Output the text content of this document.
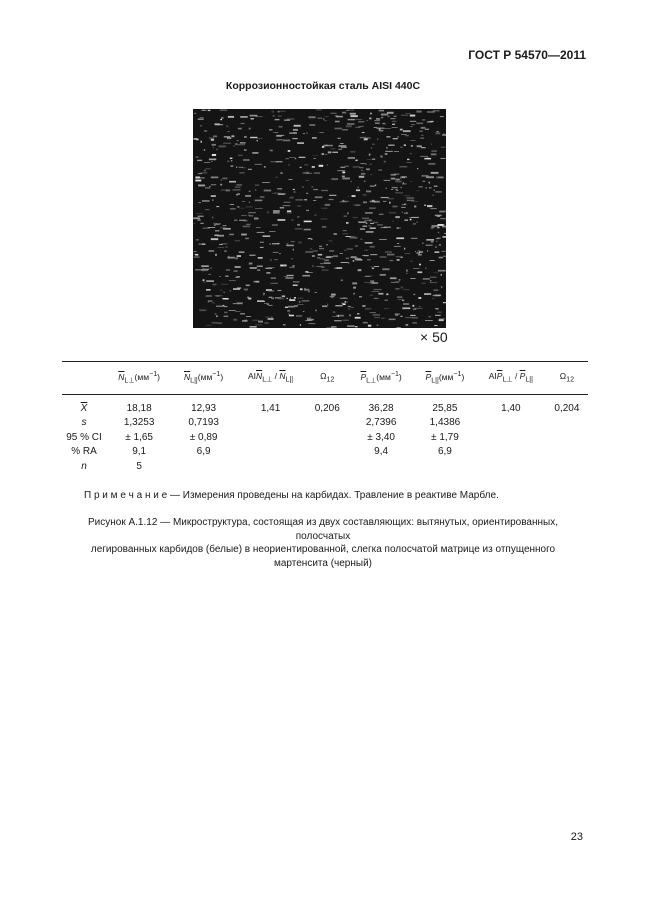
ГОСТ Р 54570—2011
Коррозионностойкая сталь AISI 440C
× 50
	$\overline{N}_{L\perp}(мм^{-1})$	$\overline{N}_{L||}(мм^{-1})$	$AI\overline{N}_{L\perp} / \overline{N}_{L||}$	$\Omega_{12}$	$\overline{P}_{L\perp}(мм^{-1})$	$\overline{P}_{L||}(мм^{-1})$	$AI\overline{P}_{L\perp} / \overline{P}_{L||}$	$\Omega_{12}$
$\overline{X}$	18,18	12,93	1,41	0,206	36,28	25,85	1,40	0,204
s	1,3253	0,7193			2,7396	1,4386		
95 % CI	± 1,65	± 0,89			± 3,40	± 1,79		
% RA	9,1	6,9			9,4	6,9		
n	5							
П р и м е ч а н и е — Измерения проведены на карбидах. Травление в реактиве Марбле.
Рисунок А.1.12 — Микроструктура, состоящая из двух составляющих: вытянутых, ориентированных, полосчатых
легированных карбидов (белые) в неориентированной, слегка полосчатой матрице из отпущенного
мартенсита (черный)
23
